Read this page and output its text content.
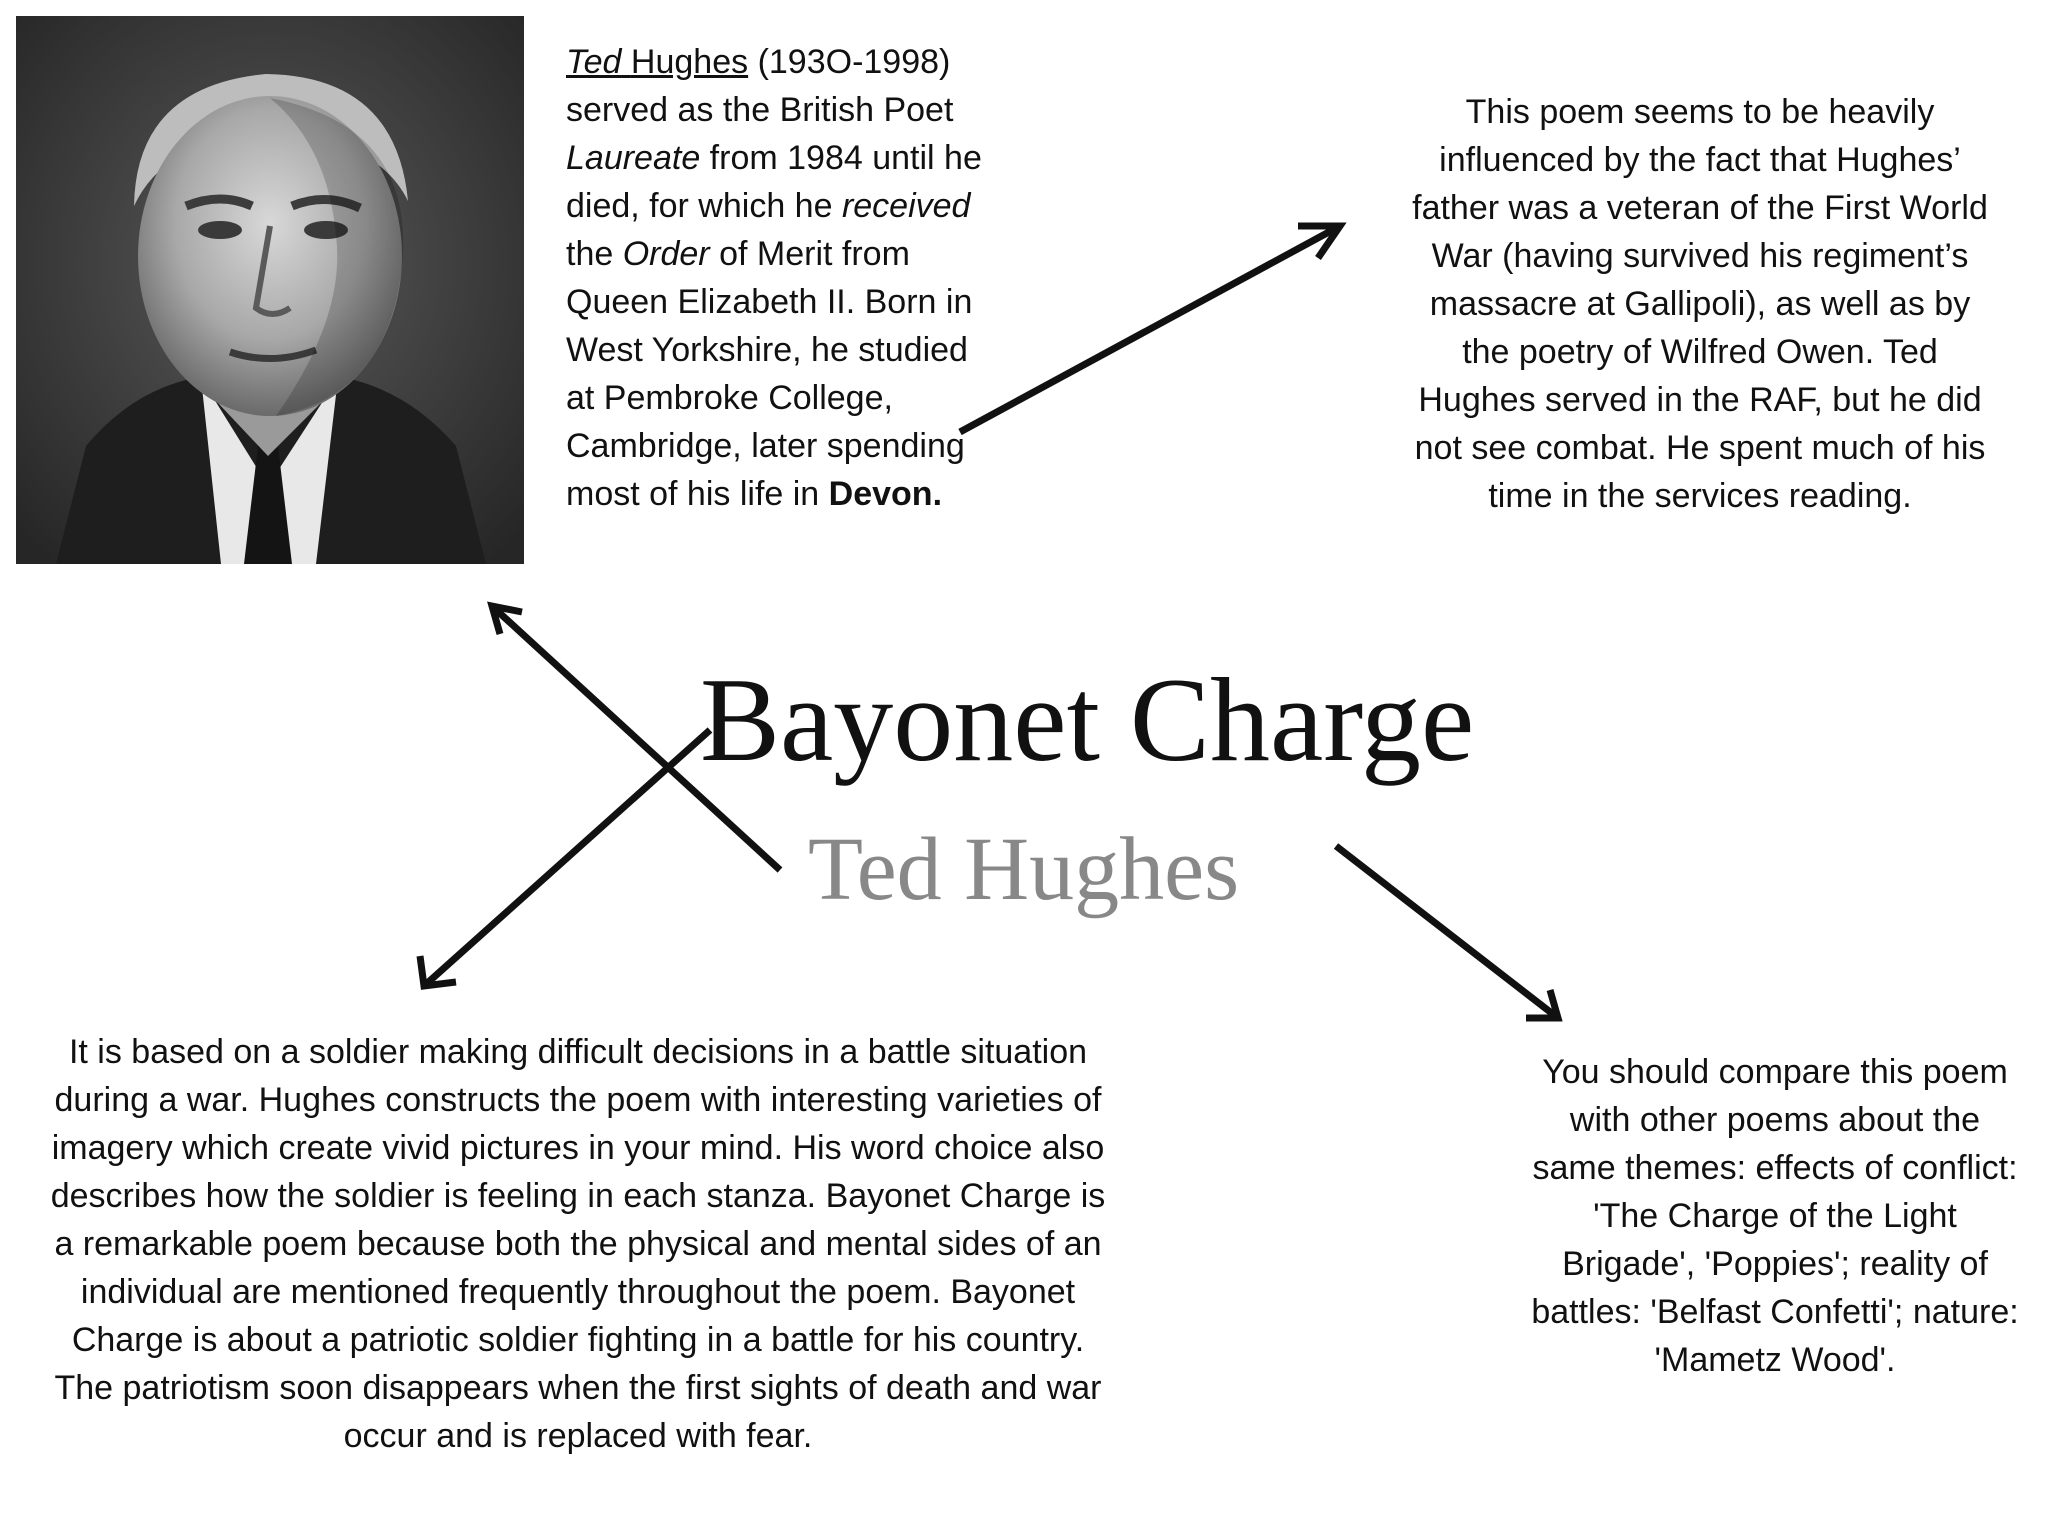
Ted Hughes (193O-1998) served as the British Poet Laureate from 1984 until he died, for which he received the Order of Merit from Queen Elizabeth II. Born in West Yorkshire, he studied at Pembroke College, Cambridge, later spending most of his life in Devon.
This poem seems to be heavily influenced by the fact that Hughes’ father was a veteran of the First World War (having survived his regiment’s massacre at Gallipoli), as well as by the poetry of Wilfred Owen. Ted Hughes served in the RAF, but he did not see combat. He spent much of his time in the services reading.
Bayonet Charge
Ted Hughes
It is based on a soldier making difficult decisions in a battle situation during a war. Hughes constructs the poem with interesting varieties of imagery which create vivid pictures in your mind. His word choice also describes how the soldier is feeling in each stanza. Bayonet Charge is a remarkable poem because both the physical and mental sides of an individual are mentioned frequently throughout the poem. Bayonet Charge is about a patriotic soldier fighting in a battle for his country. The patriotism soon disappears when the first sights of death and war occur and is replaced with fear.
You should compare this poem with other poems about the same themes: effects of conflict: 'The Charge of the Light Brigade', 'Poppies'; reality of battles: 'Belfast Confetti'; nature: 'Mametz Wood'.
